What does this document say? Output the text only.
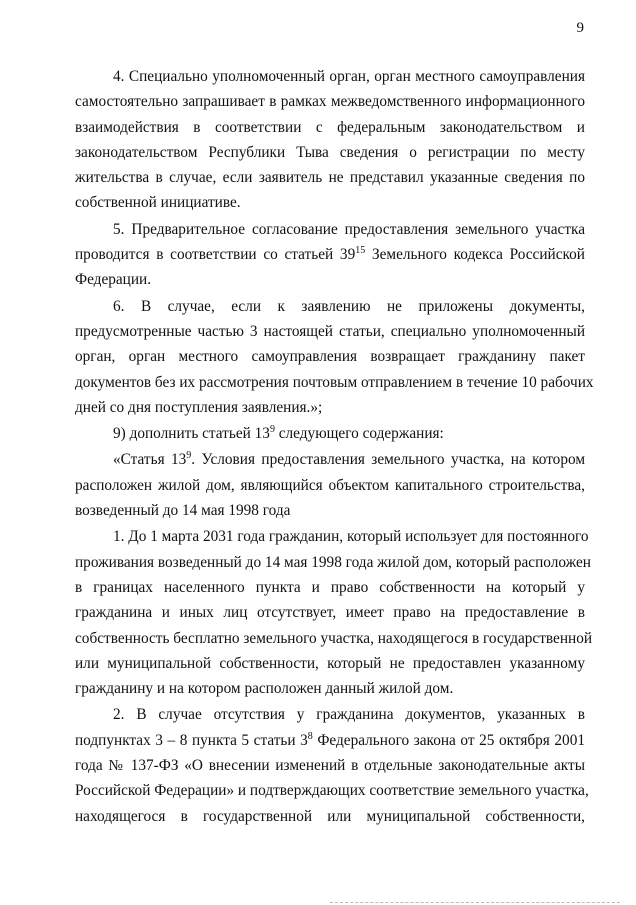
9
4. Специально уполномоченный орган, орган местного самоуправления
самостоятельно запрашивает в рамках межведомственного информационного
взаимодействия в соответствии с федеральным законодательством и
законодательством Республики Тыва сведения о регистрации по месту
жительства в случае, если заявитель не представил указанные сведения по
собственной инициативе.
5. Предварительное согласование предоставления земельного участка
проводится в соответствии со статьей $39^{15}$ Земельного кодекса Российской
Федерации.
6. В случае, если к заявлению не приложены документы,
предусмотренные частью 3 настоящей статьи, специально уполномоченный
орган, орган местного самоуправления возвращает гражданину пакет
документов без их рассмотрения почтовым отправлением в течение 10 рабочих
дней со дня поступления заявления.»;
9) дополнить статьей $13^9$ следующего содержания:
«Статья $13^9$. Условия предоставления земельного участка, на котором
расположен жилой дом, являющийся объектом капитального строительства,
возведенный до 14 мая 1998 года
1. До 1 марта 2031 года гражданин, который использует для постоянного
проживания возведенный до 14 мая 1998 года жилой дом, который расположен
в границах населенного пункта и право собственности на который у
гражданина и иных лиц отсутствует, имеет право на предоставление в
собственность бесплатно земельного участка, находящегося в государственной
или муниципальной собственности, который не предоставлен указанному
гражданину и на котором расположен данный жилой дом.
2. В случае отсутствия у гражданина документов, указанных в
подпунктах 3 – 8 пункта 5 статьи $3^8$ Федерального закона от 25 октября 2001
года № 137-ФЗ «О внесении изменений в отдельные законодательные акты
Российской Федерации» и подтверждающих соответствие земельного участка,
находящегося в государственной или муниципальной собственности,
